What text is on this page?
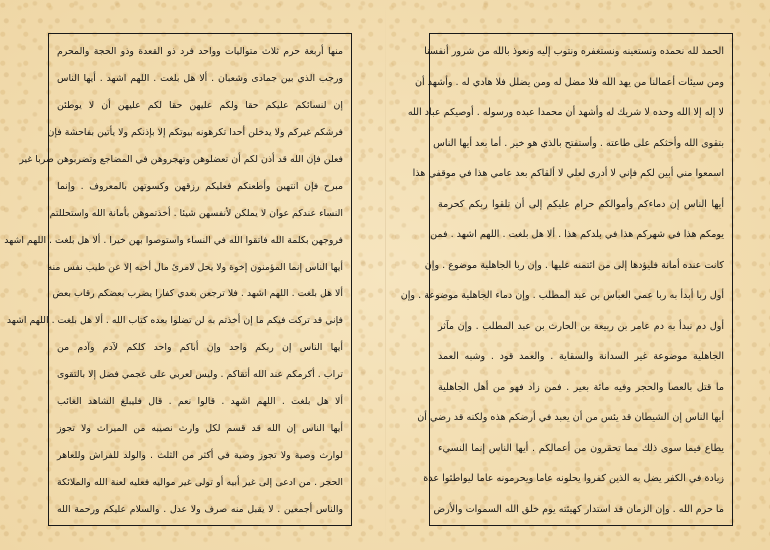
منها أربعة حرم ثلاث متواليات وواحد فرد ذو القعدة وذو الحجة والمحرم
ورجب الذي بين جمادى وشعبان . ألا هل بلغت . اللهم اشهد . أيها الناس
إن لنسائكم عليكم حقا ولكم عليهن حقا لكم عليهن أن لا يوطئن
فرشكم غيركم ولا يدخلن أحدا تكرهونه بيوتكم إلا بإذنكم ولا يأتين بفاحشة فإن
فعلن فإن الله قد أذن لكم أن تعضلوهن وتهجروهن في المضاجع وتضربوهن ضربا غير
مبرح فإن انتهين وأطعنكم فعليكم رزقهن وكسوتهن بالمعروف . وإنما
النساء عندكم عوان لا يملكن لأنفسهن شيئا . أخذتموهن بأمانة الله واستحللتم
فروجهن بكلمة الله فاتقوا الله في النساء واستوصوا بهن خيرا . ألا هل بلغت . اللهم اشهد
أيها الناس إنما المؤمنون إخوة ولا يحل لامرئ مال أخيه إلا عن طيب نفس منه
ألا هل بلغت . اللهم اشهد . فلا ترجعن بعدي كفارا يضرب بعضكم رقاب بعض
فإني قد تركت فيكم ما إن أخذتم به لن تضلوا بعده كتاب الله . ألا هل بلغت . اللهم اشهد
أيها الناس إن ربكم واحد وإن أباكم واحد كلكم لآدم وآدم من
تراب . أكرمكم عند الله أتقاكم . وليس لعربي على عجمي فضل إلا بالتقوى
ألا هل بلغت . اللهم اشهد . قالوا نعم . قال فليبلغ الشاهد الغائب
أيها الناس إن الله قد قسم لكل وارث نصيبه من الميراث ولا تجوز
لوارث وصية ولا تجوز وصية في أكثر من الثلث . والولد للفراش وللعاهر
الحجر . من ادعى إلى غير أبيه أو تولى غير مواليه فعليه لعنة الله والملائكة
والناس أجمعين . لا يقبل منه صرف ولا عدل . والسلام عليكم ورحمة الله
الحمد لله نحمده ونستعينه ونستغفره ونتوب إليه ونعوذ بالله من شرور أنفسنا
ومن سيئات أعمالنا من يهد الله فلا مضل له ومن يضلل فلا هادي له . وأشهد أن
لا إله إلا الله وحده لا شريك له وأشهد أن محمدا عبده ورسوله . أوصيكم عباد الله
بتقوى الله وأحثكم على طاعته . وأستفتح بالذي هو خير . أما بعد أيها الناس
اسمعوا مني أبين لكم فإني لا أدري لعلي لا ألقاكم بعد عامي هذا في موقفي هذا
أيها الناس إن دماءكم وأموالكم حرام عليكم إلى أن تلقوا ربكم كحرمة
يومكم هذا في شهركم هذا في بلدكم هذا . ألا هل بلغت . اللهم اشهد . فمن
كانت عنده أمانة فليؤدها إلى من ائتمنه عليها . وإن ربا الجاهلية موضوع . وإن
أول ربا أبدأ به ربا عمي العباس بن عبد المطلب . وإن دماء الجاهلية موضوعة . وإن
أول دم نبدأ به دم عامر بن ربيعة بن الحارث بن عبد المطلب . وإن مآثر
الجاهلية موضوعة غير السدانة والسقاية . والعمد قود . وشبه العمد
ما قتل بالعصا والحجر وفيه مائة بعير . فمن زاد فهو من أهل الجاهلية
أيها الناس إن الشيطان قد يئس من أن يعبد في أرضكم هذه ولكنه قد رضي أن
يطاع فيما سوى ذلك مما تحقرون من أعمالكم . أيها الناس إنما النسيء
زيادة في الكفر يضل به الذين كفروا يحلونه عاما ويحرمونه عاما ليواطئوا عدة
ما حرم الله . وإن الزمان قد استدار كهيئته يوم خلق الله السموات والأرض
